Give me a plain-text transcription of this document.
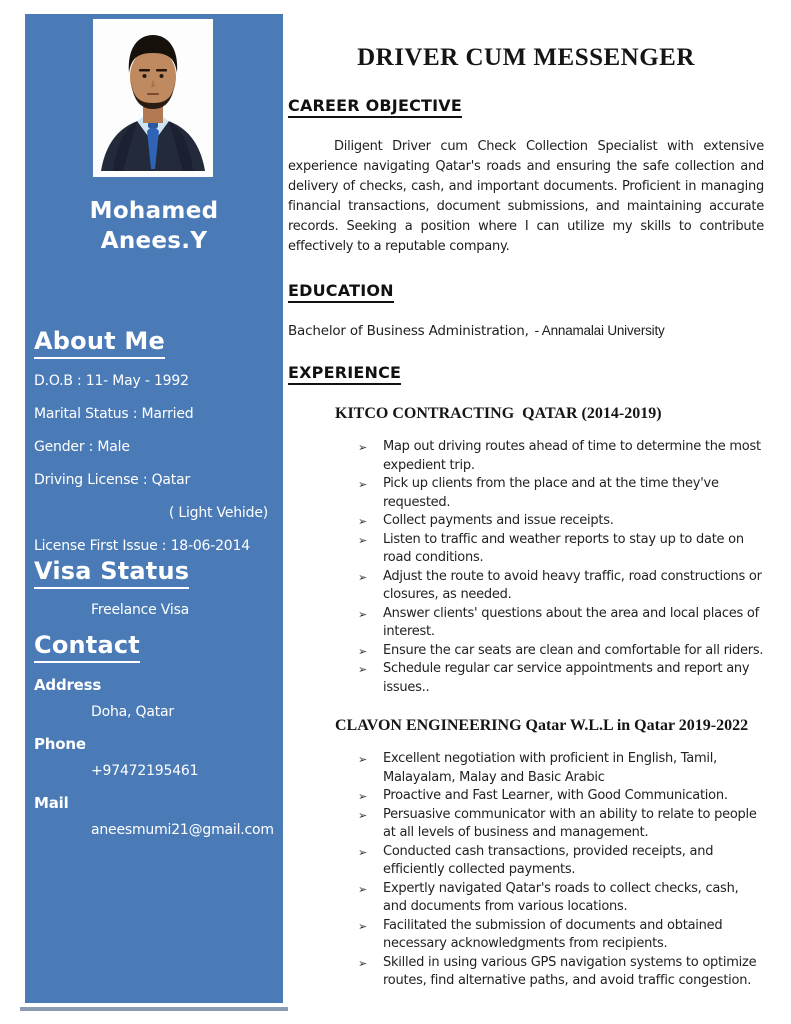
Mohamed
Anees.Y
About Me
D.O.B : 11- May - 1992
Marital Status : Married
Gender : Male
Driving License : Qatar
( Light Vehide)
License First Issue : 18-06-2014
Visa Status
Freelance Visa
Contact
Address
Doha, Qatar
Phone
+97472195461
Mail
aneesmumi21@gmail.com
DRIVER CUM MESSENGER
CAREER OBJECTIVE

Diligent Driver cum Check Collection Specialist with extensive experience navigating Qatar's roads and ensuring the safe collection and delivery of checks, cash, and important documents. Proficient in managing financial transactions, document submissions, and maintaining accurate records. Seeking a position where I can utilize my skills to contribute effectively to a reputable company.

EDUCATION

Bachelor of Business Administration, - Annamalai University

EXPERIENCE
KITCO CONTRACTING  QATAR (2014-2019)
➢	Map out driving routes ahead of time to determine the most expedient trip.
➢	Pick up clients from the place and at the time they've requested.
➢	Collect payments and issue receipts.
➢	Listen to traffic and weather reports to stay up to date on road conditions.
➢	Adjust the route to avoid heavy traffic, road constructions or closures, as needed.
➢	Answer clients' questions about the area and local places of interest.
➢	Ensure the car seats are clean and comfortable for all riders.
➢	Schedule regular car service appointments and report any issues..
CLAVON ENGINEERING Qatar W.L.L in Qatar 2019-2022
➢	Excellent negotiation with proficient in English, Tamil, Malayalam, Malay and Basic Arabic
➢	Proactive and Fast Learner, with Good Communication.
➢	Persuasive communicator with an ability to relate to people at all levels of business and management.
➢	Conducted cash transactions, provided receipts, and efficiently collected payments.
➢	Expertly navigated Qatar's roads to collect checks, cash, and documents from various locations.
➢	Facilitated the submission of documents and obtained necessary acknowledgments from recipients.
➢	Skilled in using various GPS navigation systems to optimize routes, find alternative paths, and avoid traffic congestion.
